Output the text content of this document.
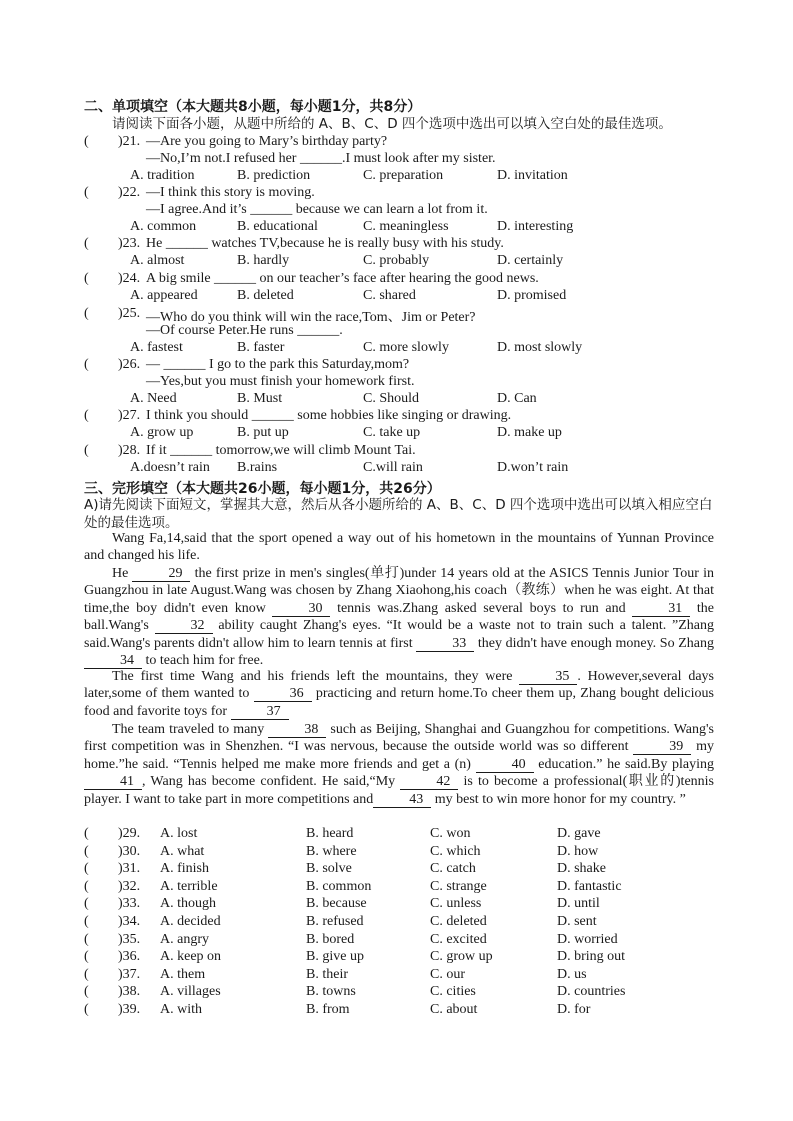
二、单项填空（本大题共8小题，每小题1分，共8分）
请阅读下面各小题，从题中所给的 A、B、C、D 四个选项中选出可以填入空白处的最佳选项。
( )21. —Are you going to Mary’s birthday party?
—No,I’m not.I refused her ______.I must look after my sister.
A. tradition	B. prediction	C. preparation	D. invitation
( )22. —I think this story is moving.
—I agree.And it’s ______ because we can learn a lot from it.
A. common	B. educational	C. meaningless	D. interesting
( )23. He ______ watches TV,because he is really busy with his study.
A. almost	B. hardly	C. probably	D. certainly
( )24. A big smile ______ on our teacher’s face after hearing the good news.
A. appeared	B. deleted	C. shared	D. promised
( )25. —Who do you think will win the race,Tom、Jim or Peter?
—Of course Peter.He runs ______.
A. fastest	B. faster	C. more slowly	D. most slowly
( )26. — ______ I go to the park this Saturday,mom?
—Yes,but you must finish your homework first.
A. Need	B. Must	C. Should	D. Can
( )27. I think you should ______ some hobbies like singing or drawing.
A. grow up	B. put up	C. take up	D. make up
( )28. If it ______ tomorrow,we will climb Mount Tai.
A.doesn’t rain B.rains	C.will rain	D.won’t rain
三、完形填空（本大题共26小题，每小题1分，共26分）
A)请先阅读下面短文，掌握其大意，然后从各小题所给的 A、B、C、D 四个选项中选出可以填入相应空白处的最佳选项。
Wang Fa,14,said that the sport opened a way out of his hometown in the mountains of Yunnan Province and changed his life.
He	29 the first prize in men's singles(单打)under 14 years old at the ASICS Tennis Junior Tour in Guangzhou in late August.Wang was chosen by Zhang Xiaohong,his coach（教练）when he was eight. At that time,the boy didn't even know	30 tennis was.Zhang asked several boys to run and	31 the ball.Wang's	32 ability caught Zhang's eyes. “It would be a waste not to train such a talent. ”Zhang said.Wang's parents didn't allow him to learn tennis at first	33 they didn't have enough money. So Zhang 34 to teach him for free.
The first time Wang and his friends left the mountains, they were	35 . However,several days later,some of them wanted to	36 practicing and return home.To cheer them up, Zhang bought delicious food and favorite toys for	37
The team traveled to many	38 such as Beijing, Shanghai and Guangzhou for competitions. Wang's first competition was in Shenzhen. “I was nervous, because the outside world was so different	39 my home.”he said. “Tennis helped me make more friends and get a (n)	40 education.” he said.By playing 41 , Wang has become confident. He said,“My	42 is to become a professional(职业的)tennis player. I want to take part in more competitions and	43 my best to win more honor for my country. ”
( )29. A. lost	B. heard	C. won	D. gave
( )30. A. what	B. where	C. which	D. how
( )31. A. finish	B. solve	C. catch	D. shake
( )32. A. terrible	B. common	C. strange	D. fantastic
( )33. A. though	B. because	C. unless	D. until
( )34. A. decided	B. refused	C. deleted	D. sent
( )35. A. angry	B. bored	C. excited	D. worried
( )36. A. keep on	B. give up	C. grow up	D. bring out
( )37. A. them	B. their	C. our	D. us
( )38. A. villages	B. towns	C. cities	D. countries
( )39. A. with	B. from	C. about	D. for
